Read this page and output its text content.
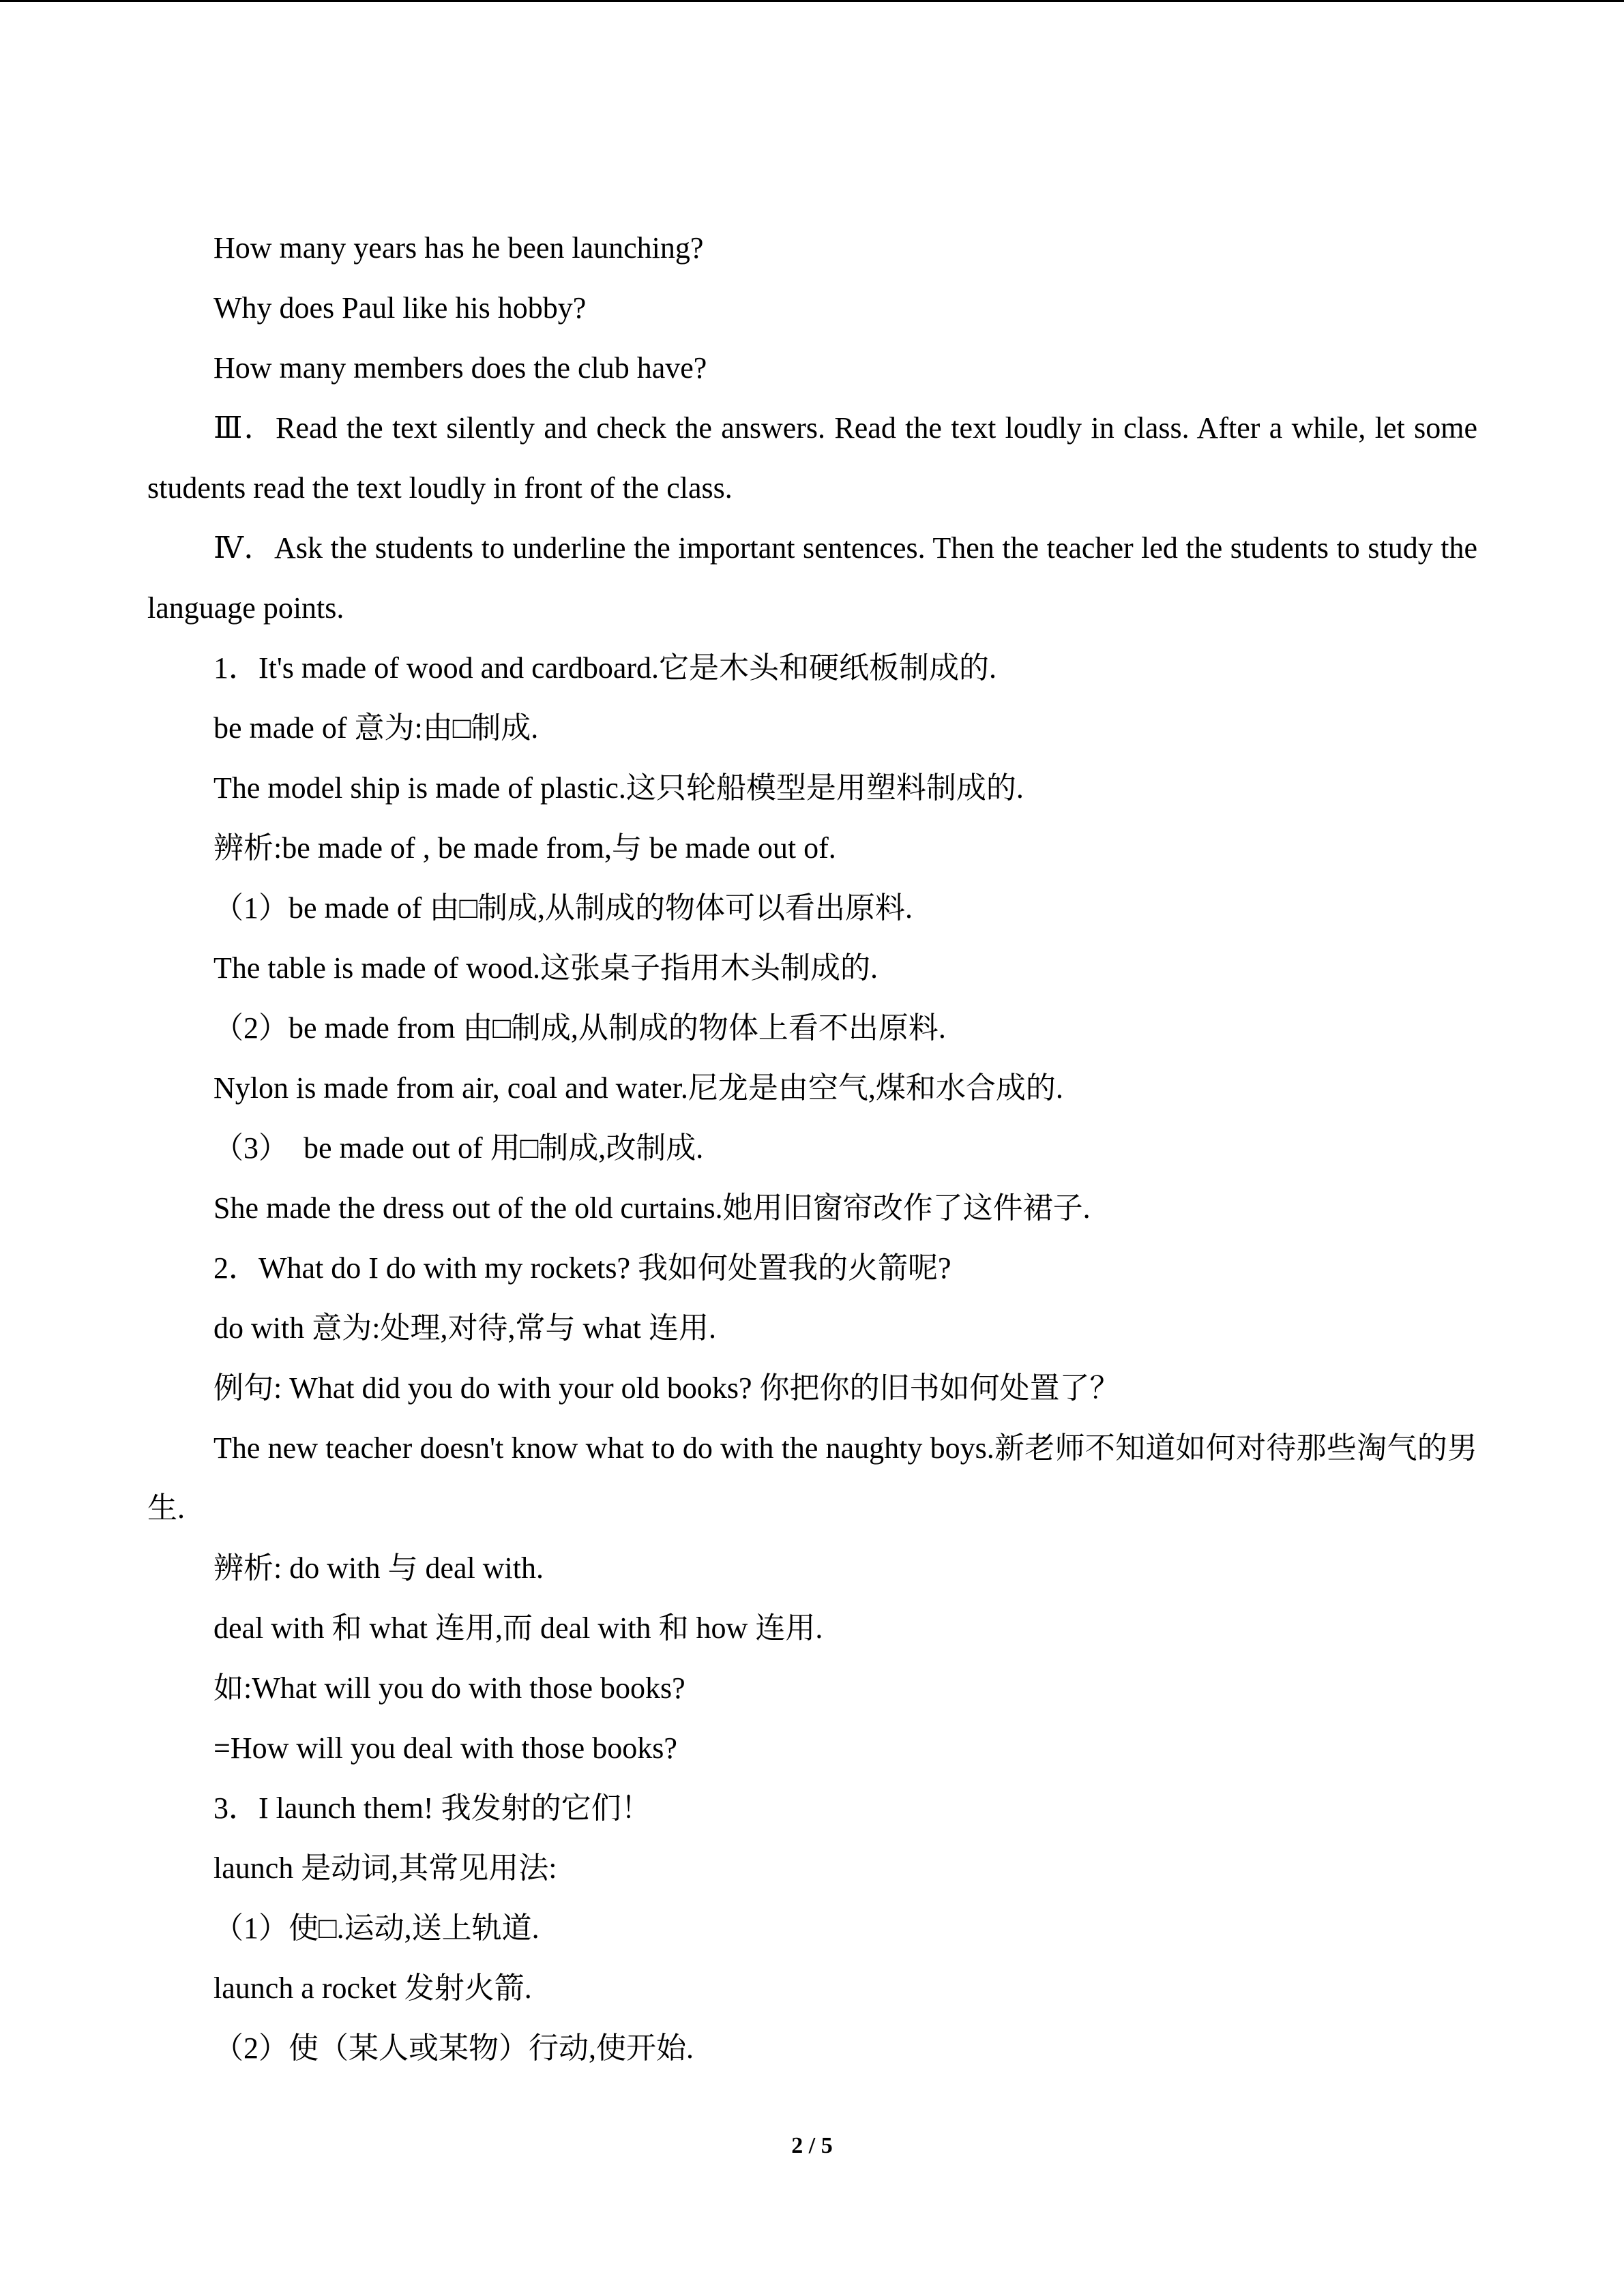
How many years has he been launching?

Why does Paul like his hobby?

How many members does the club have?

Ⅲ．Read the text silently and check the answers. Read the text loudly in class. After a while, let some students read the text loudly in front of the class.

Ⅳ．Ask the students to underline the important sentences. Then the teacher led the students to study the language points.

1．It's made of wood and cardboard.它是木头和硬纸板制成的.

be made of 意为:由□制成.

The model ship is made of plastic.这只轮船模型是用塑料制成的.

辨析:be made of , be made from,与 be made out of.

（1）be made of 由□制成,从制成的物体可以看出原料.

The table is made of wood.这张桌子指用木头制成的.

（2）be made from 由□制成,从制成的物体上看不出原料.

Nylon is made from air, coal and water.尼龙是由空气,煤和水合成的.

（3）  be made out of 用□制成,改制成.

She made the dress out of the old curtains.她用旧窗帘改作了这件裙子.

2．What do I do with my rockets? 我如何处置我的火箭呢?

do with 意为:处理,对待,常与 what 连用.

例句: What did you do with your old books? 你把你的旧书如何处置了？

The new teacher doesn't know what to do with the naughty boys.新老师不知道如何对待那些淘气的男生.

辨析: do with 与 deal with.

deal with 和 what 连用,而 deal with 和 how 连用.

如:What will you do with those books?

=How will you deal with those books?

3．I launch them! 我发射的它们！

launch 是动词,其常见用法:

（1）使□.运动,送上轨道.

launch a rocket 发射火箭.

（2）使（某人或某物）行动,使开始.

2 / 5
